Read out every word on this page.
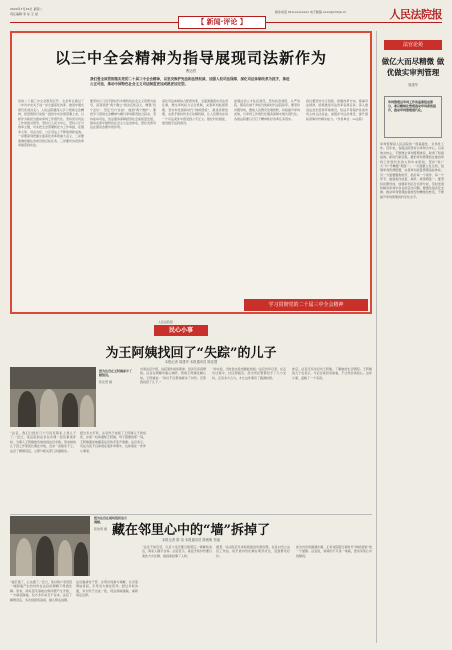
2024年7月16日 星期二
责任编辑 李 东 王 斌	联系电话 010-xxxxxxxx 电子邮箱 xxxx@rmfyb.cn	人民法院报
【 新闻·评论 】
以三中全会精神为指导展现司法新作为
曹运哲
我们要全面贯彻落实党的二十届三中全会精神，以坚决维护宪法和法律权威、加强人权司法保障、深化司法体制改革为抓手，推进公正司法，推动中国特色社会主义司法制度更加成熟更加定型。
党的二十届三中全会胜利召开，全会审议通过了《中共中央关于进一步全面深化改革、推进中国式现代化的决定》。人民法院要深入学习贯彻全会精神，把思想和行动统一到党中央决策部署上来，以新作为新担当推动审判工作现代化。坚持党对司法工作的绝对领导，坚持以人民为中心，坚持公正与效率主题，切实把全会部署转化为工作举措，在服务大局、司法为民、公正司法上不断取得新成效。一是要深刻把握全面深化改革的重大意义，二是要准确把握法治建设的目标任务，三是要切实把改革举措落到实处。
要坚持以习近平新时代中国特色社会主义思想为指导，深刻领悟“两个确立”的决定性意义，增强“四个意识”、坚定“四个自信”、做到“两个维护”。要把学习贯彻全会精神与履行审判职责结合起来，坚持能动司法，依法服务保障经济社会高质量发展，推动完善中国特色社会主义法治体系，更好发挥司法在国家治理中的作用。
深化司法体制综合配套改革，全面准确落实司法责任制，健全审判权力运行机制，完善审判监督管理。坚持和发展新时代“枫桥经验”，推进诉源治理，完善矛盾纠纷多元化解机制，让人民群众在每一个司法案件中感受到公平正义。强化科技赋能，推进数字法院建设。
加强法治人才队伍建设，坚持政治建院、从严治院，锻造忠诚干净担当的新时代法院铁军。要坚持问题导向，聚焦人民群众急难愁盼，持续提升审判质效，以审判工作现代化服务保障中国式现代化。各级法院要以钉钉子精神抓好改革任务落实。
我们要坚持守正创新，把握改革方向，尊重司法规律，统筹推进司法改革各项任务。深入推进法治化营商环境建设，依法平等保护各类市场主体合法权益。加强涉外法治建设，提升国际商事纠纷解决能力。（作者单位：xx法院）
学习贯彻党的二十届三中全会精神
法官论苑
做亿大而尽精微 做优做实审判管理
周建华
审判管理是审判工作的重要组成部分，要以精细化管理推动审判质效提升，推动审判管理现代化。
审判管理是人民法院的一项基础性、全局性工作。近年来，各级法院坚持以审判为中心，以质效为核心，不断健全审判管理体系，取得了积极成效。新时代新征程，要把审判管理放在推进审判工作现代化的大局中来谋划，坚持“致广大”与“尽精微”相统一。一方面要立足全局，统筹审判资源配置，完善审判质量管理指标体系；另一方面要聚焦细节，抓好每一个案件、每一个环节，做到案件质量、效率、效果相统一。要坚持问题导向，加强审判运行态势分析，及时发现和解决审判中存在的突出问题。要强化信息化支撑，推动审判管理由粗放型向精细化转变，不断提升审判管理的科学化水平。
人民法院报
民心小事
为王阿姨找回了“失踪”的儿子
本报记者 周建华 本报通讯员 陈佳慧
图为法官在王阿姨家中了解情况。
陈佳慧 摄
“法官，我们已经好几个月没有联系上我儿子了。”近日，某法院的法官在办理一起民事案件时，当事人王阿姨焦急地找到法官求助。原来她的儿子因工作原因长期在外地，近来一直联系不上。法官了解情况后，立即与相关部门沟通联系。
经过多方打听，法官终于找到了王阿姨儿子的线索，并第一时间通知王阿姨。母子团聚的那一刻，王阿姨激动地握着法官的手连声道谢。法官表示，司法为民不仅体现在案件审理中，也体现在一件件小事里。
办案法官介绍，这起案件看似简单，但涉及家庭情感。法官在调解中耐心倾听，帮助王阿姨化解心结。王阿姨说：“你们不仅帮我解决了纠纷，还帮我找回了儿子。”
“如实说，当时我也没把握能找到。”法官告诉记者，在走访过程中，社区网格员、派出所民警都给予了大力支持，正是多方合力，才让这件事有了圆满结果。
此后，法官还多次回访王阿姨，了解她的生活情况。王阿姨的儿子也表示，今后会常回家看看，不让母亲再担心。这件小事，温暖了一个家庭。
藏在邻里心中的“墙”拆掉了
本报记者 陈 苗 本报通讯员 陈俊明 郑丽
图为法官在现场组织双方调解。
陈俊明 摄
“墙打通了，心也通了。”近日，某村两户邻居因一堵围墙产生的纠纷在法官的调解下得到化解。原来，两家因宅基地边界问题产生矛盾，一方砌起围墙，双方多年来互不往来。法官了解情况后，多次到现场查看，耐心释法说理。
法官邀请村干部、乡贤共同参与调解，从邻里情谊讲起，引导双方换位思考。经过多轮沟通，双方终于达成一致，同意拆除围墙，重新划定边界。
“远亲不如近邻，以后大家还要互相照应。”调解结束后，两家人握手言和。法官表示，基层矛盾纠纷要以柔性方式化解，做到案结事了人和。
据悉，该法院近年来积极推进诉源治理，在各村设立法官工作站，将矛盾纠纷化解在萌芽状态，受到群众好评。
此次纠纷的圆满化解，正是该院践行新时代“枫桥经验”的一个缩影。法官说，拆掉的不只是一堵墙，更是邻里心中的隔阂。
